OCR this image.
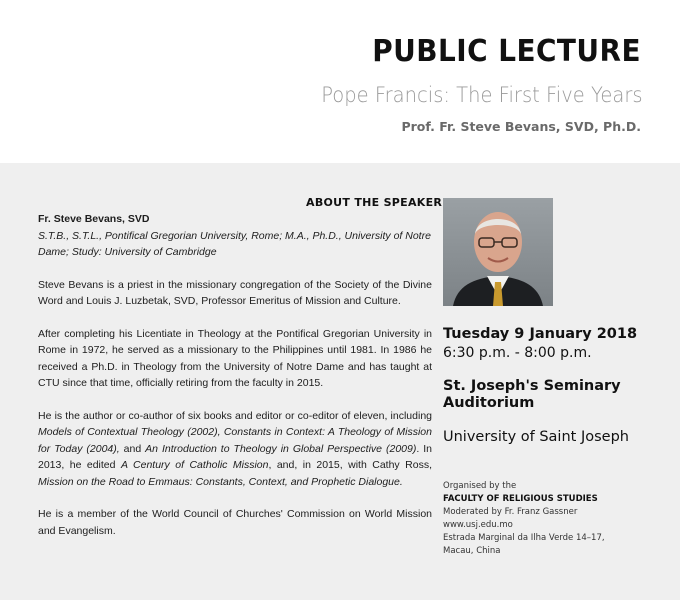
PUBLIC LECTURE
Pope Francis: The First Five Years
Prof. Fr. Steve Bevans, SVD, Ph.D.
ABOUT THE SPEAKER
Fr. Steve Bevans, SVD
S.T.B., S.T.L., Pontifical Gregorian University, Rome; M.A., Ph.D., University of Notre Dame; Study: University of Cambridge
Steve Bevans is a priest in the missionary congregation of the Society of the Divine Word and Louis J. Luzbetak, SVD, Professor Emeritus of Mission and Culture.
After completing his Licentiate in Theology at the Pontifical Gregorian University in Rome in 1972, he served as a missionary to the Philippines until 1981. In 1986 he received a Ph.D. in Theology from the University of Notre Dame and has taught at CTU since that time, officially retiring from the faculty in 2015.
He is the author or co-author of six books and editor or co-editor of eleven, including Models of Contextual Theology (2002), Constants in Context: A Theology of Mission for Today (2004), and An Introduction to Theology in Global Perspective (2009). In 2013, he edited A Century of Catholic Mission, and, in 2015, with Cathy Ross, Mission on the Road to Emmaus: Constants, Context, and Prophetic Dialogue.
He is a member of the World Council of Churches' Commission on World Mission and Evangelism.
Tuesday 9 January 2018
6:30 p.m. - 8:00 p.m.
St. Joseph's Seminary
Auditorium
University of Saint Joseph
Organised by the
FACULTY OF RELIGIOUS STUDIES
Moderated by Fr. Franz Gassner
www.usj.edu.mo
Estrada Marginal da Ilha Verde 14–17,
Macau, China
